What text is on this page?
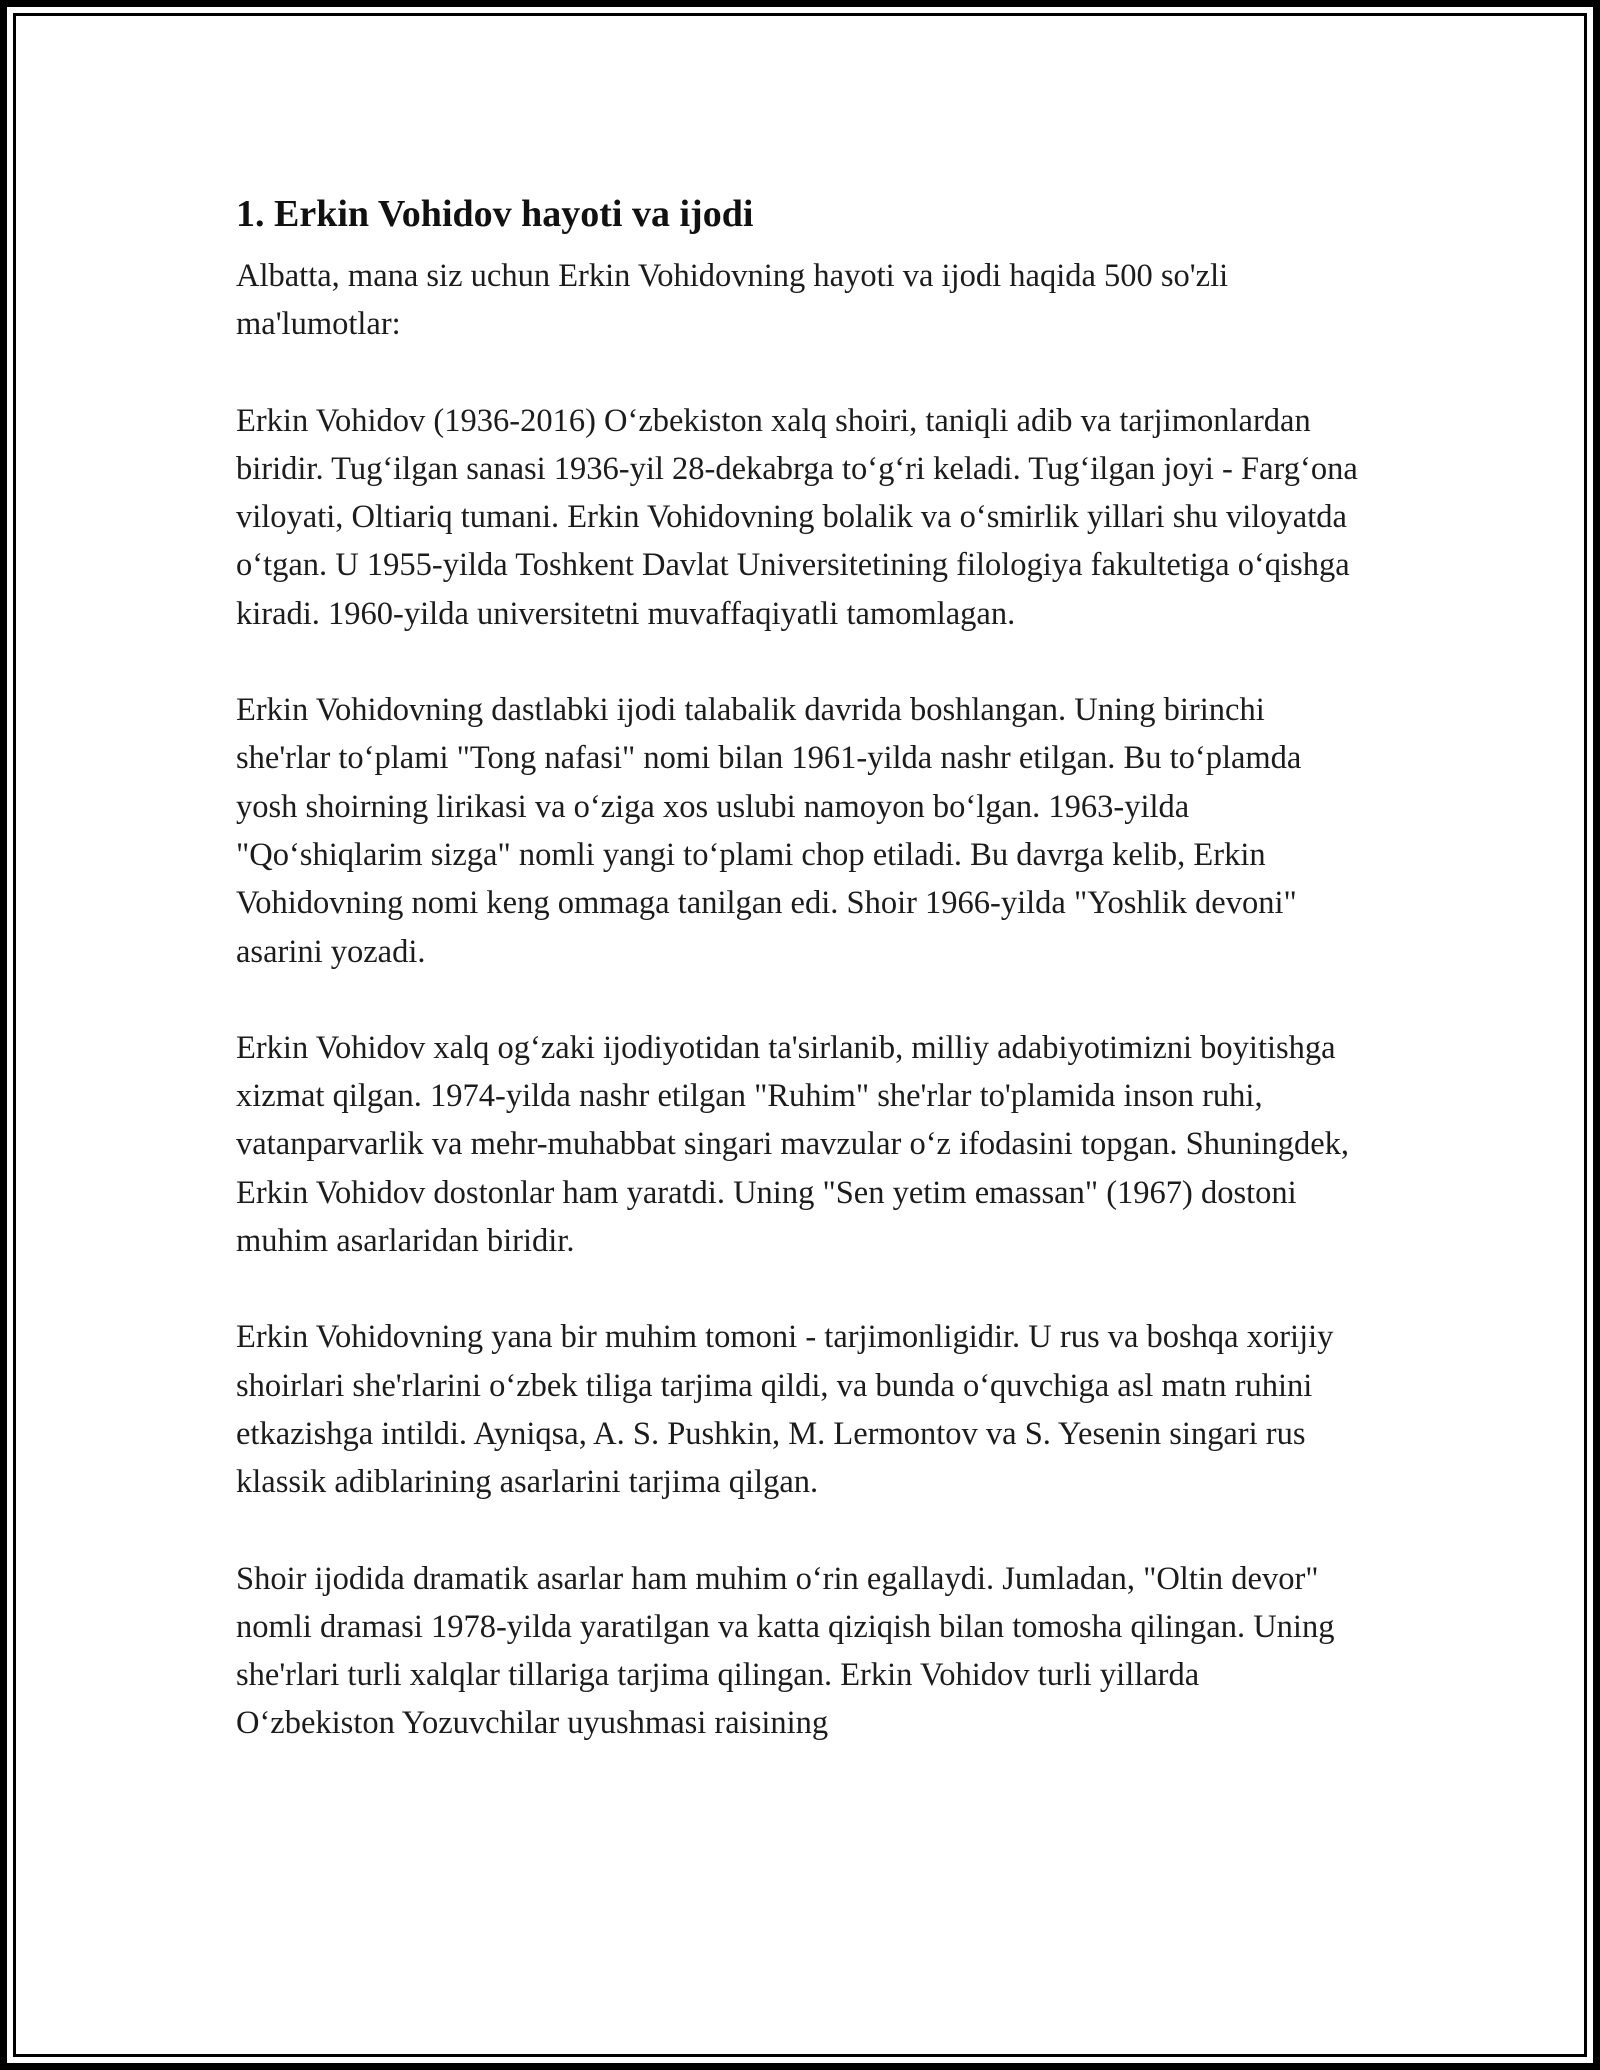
1. Erkin Vohidov hayoti va ijodi

Albatta, mana siz uchun Erkin Vohidovning hayoti va ijodi haqida 500 so'zli ma'lumotlar:

Erkin Vohidov (1936-2016) O‘zbekiston xalq shoiri, taniqli adib va tarjimonlardan biridir. Tug‘ilgan sanasi 1936-yil 28-dekabrga to‘g‘ri keladi. Tug‘ilgan joyi - Farg‘ona viloyati, Oltiariq tumani. Erkin Vohidovning bolalik va o‘smirlik yillari shu viloyatda o‘tgan. U 1955-yilda Toshkent Davlat Universitetining filologiya fakultetiga o‘qishga kiradi. 1960-yilda universitetni muvaffaqiyatli tamomlagan.

Erkin Vohidovning dastlabki ijodi talabalik davrida boshlangan. Uning birinchi she'rlar to‘plami "Tong nafasi" nomi bilan 1961-yilda nashr etilgan. Bu to‘plamda yosh shoirning lirikasi va o‘ziga xos uslubi namoyon bo‘lgan. 1963-yilda "Qo‘shiqlarim sizga" nomli yangi to‘plami chop etiladi. Bu davrga kelib, Erkin Vohidovning nomi keng ommaga tanilgan edi. Shoir 1966-yilda "Yoshlik devoni" asarini yozadi.

Erkin Vohidov xalq og‘zaki ijodiyotidan ta'sirlanib, milliy adabiyotimizni boyitishga xizmat qilgan. 1974-yilda nashr etilgan "Ruhim" she'rlar to'plamida inson ruhi, vatanparvarlik va mehr-muhabbat singari mavzular o‘z ifodasini topgan. Shuningdek, Erkin Vohidov dostonlar ham yaratdi. Uning "Sen yetim emassan" (1967) dostoni muhim asarlaridan biridir.

Erkin Vohidovning yana bir muhim tomoni - tarjimonligidir. U rus va boshqa xorijiy shoirlari she'rlarini o‘zbek tiliga tarjima qildi, va bunda o‘quvchiga asl matn ruhini etkazishga intildi. Ayniqsa, A. S. Pushkin, M. Lermontov va S. Yesenin singari rus klassik adiblarining asarlarini tarjima qilgan.

Shoir ijodida dramatik asarlar ham muhim o‘rin egallaydi. Jumladan, "Oltin devor" nomli dramasi 1978-yilda yaratilgan va katta qiziqish bilan tomosha qilingan. Uning she'rlari turli xalqlar tillariga tarjima qilingan. Erkin Vohidov turli yillarda O‘zbekiston Yozuvchilar uyushmasi raisining
